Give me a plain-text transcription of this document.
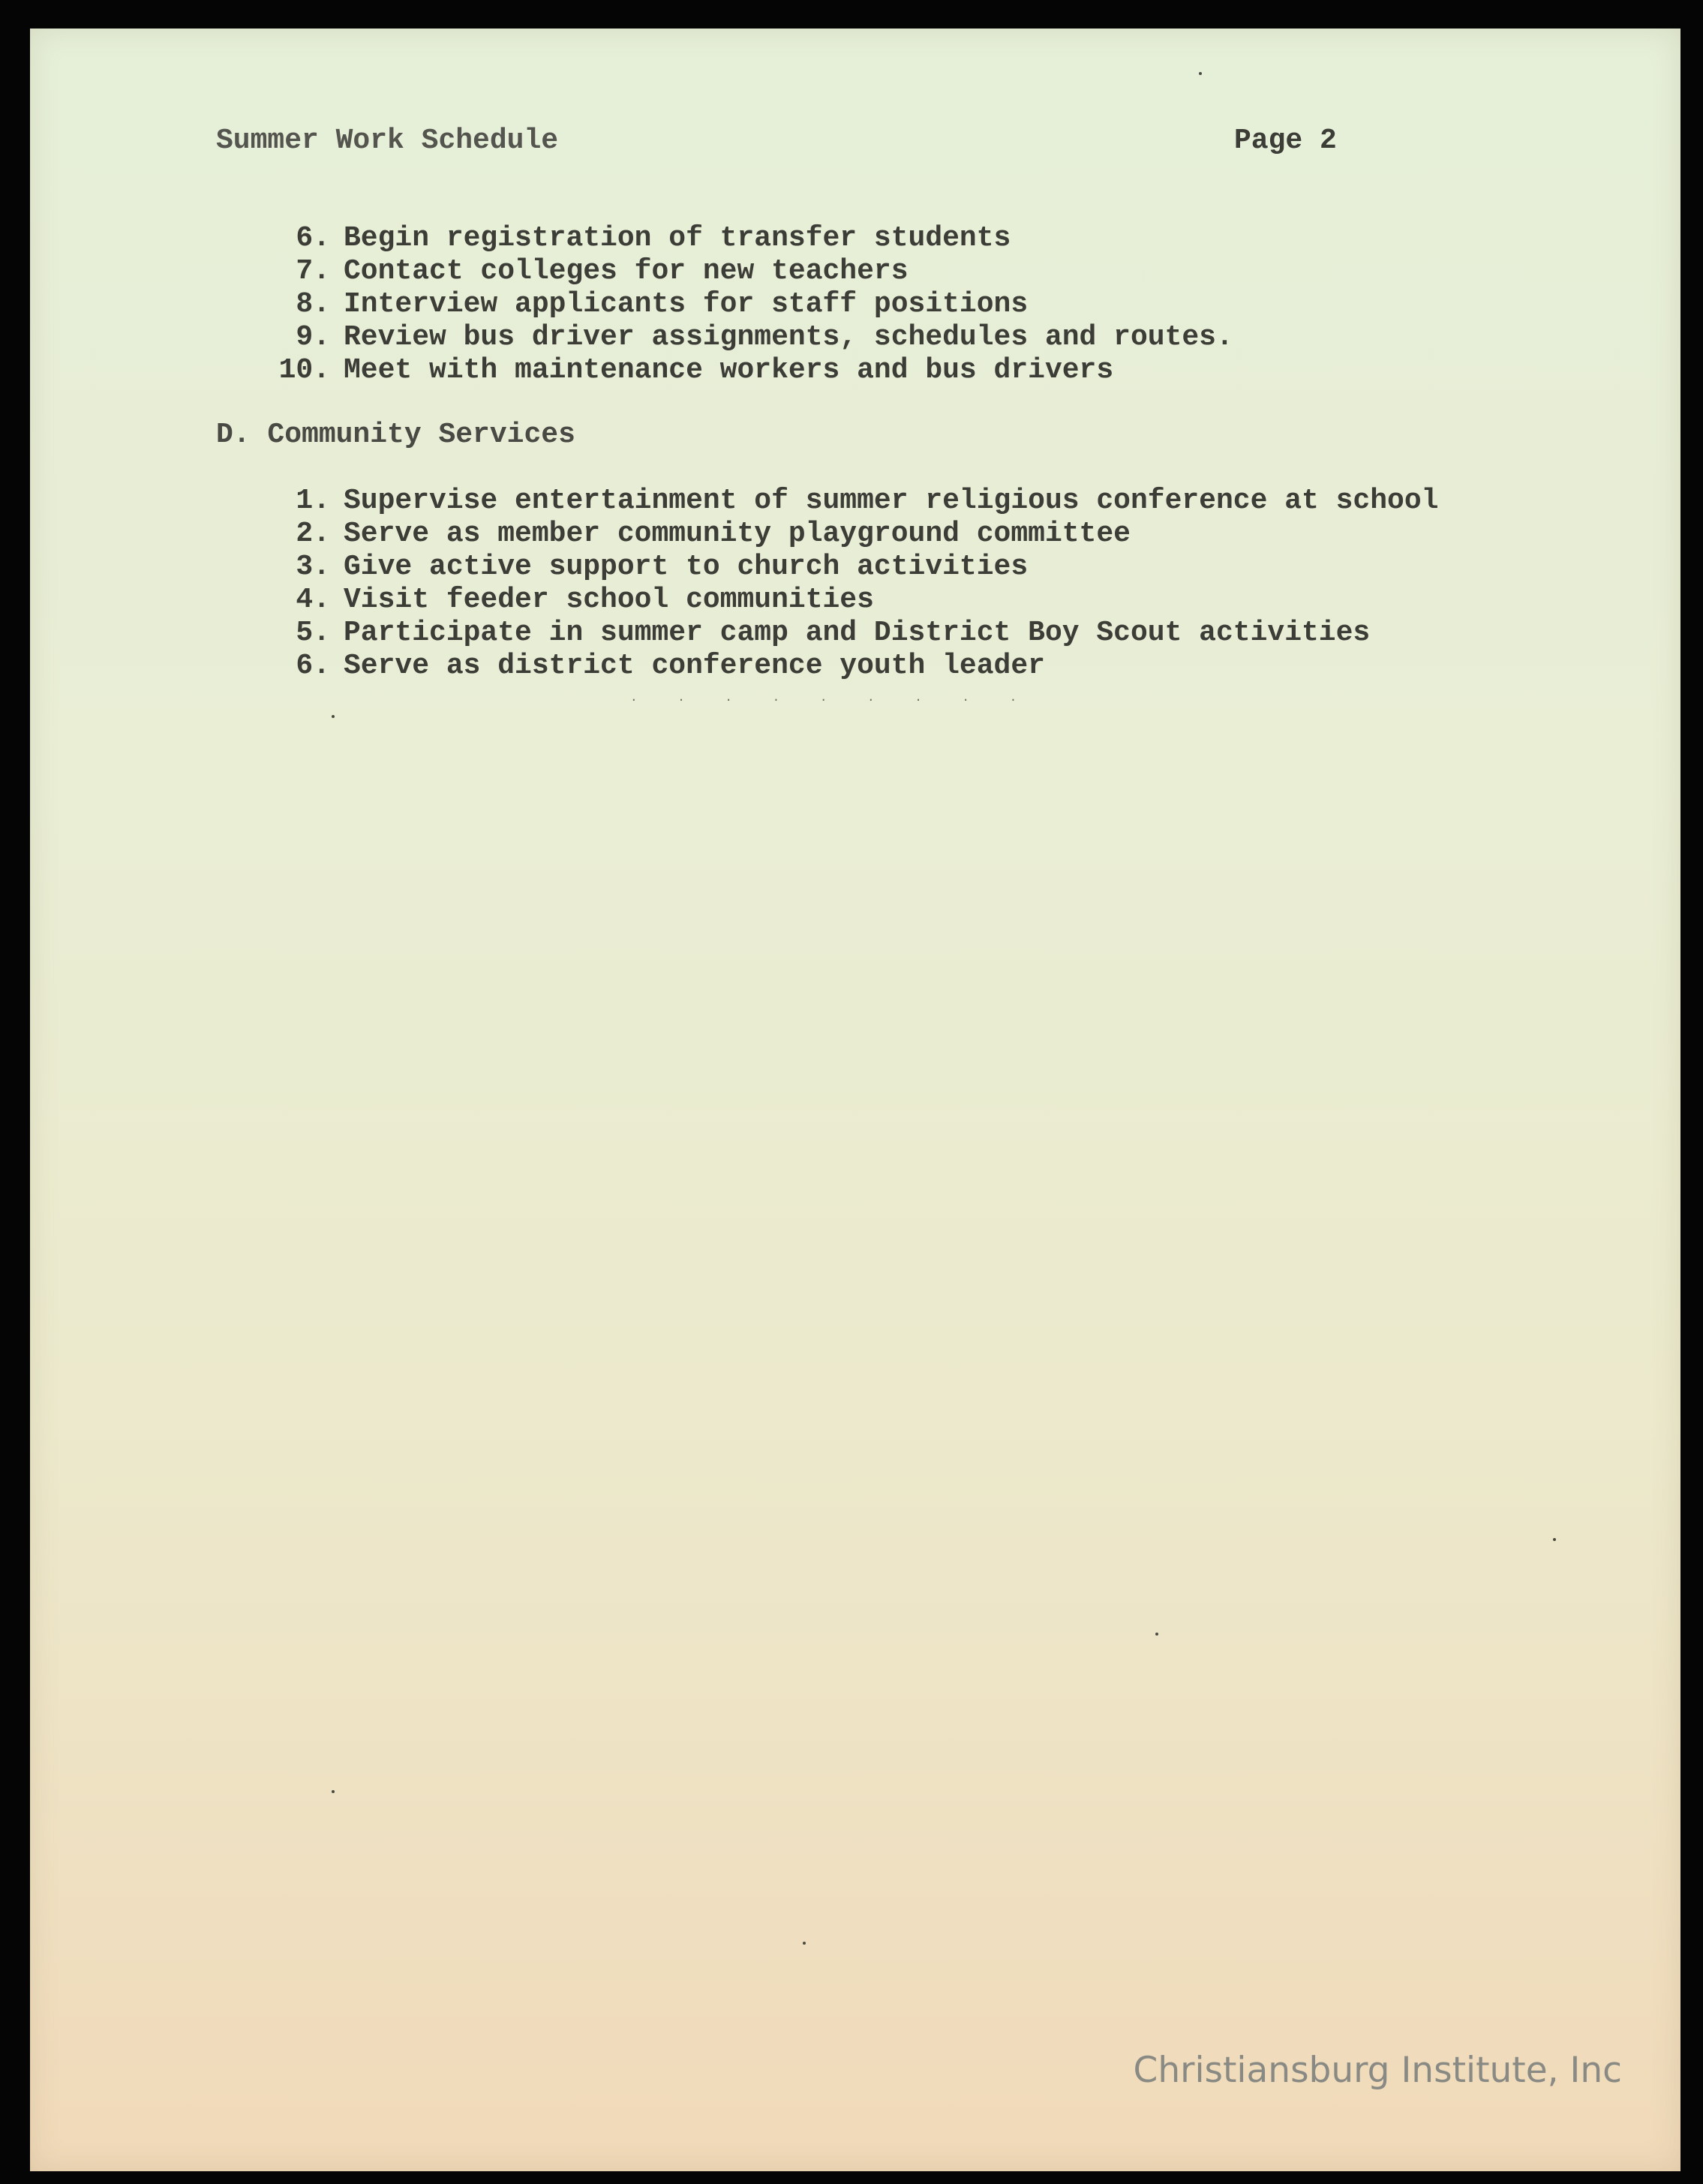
Summer Work Schedule	Page 2
6. Begin registration of transfer students
7. Contact colleges for new teachers
8. Interview applicants for staff positions
9. Review bus driver assignments, schedules and routes.
10. Meet with maintenance workers and bus drivers
D. Community Services
1. Supervise entertainment of summer religious conference at school
2. Serve as member community playground committee
3. Give active support to church activities
4. Visit feeder school communities
5. Participate in summer camp and District Boy Scout activities
6. Serve as district conference youth leader
. . . . . . . . .
Christiansburg Institute, Inc
